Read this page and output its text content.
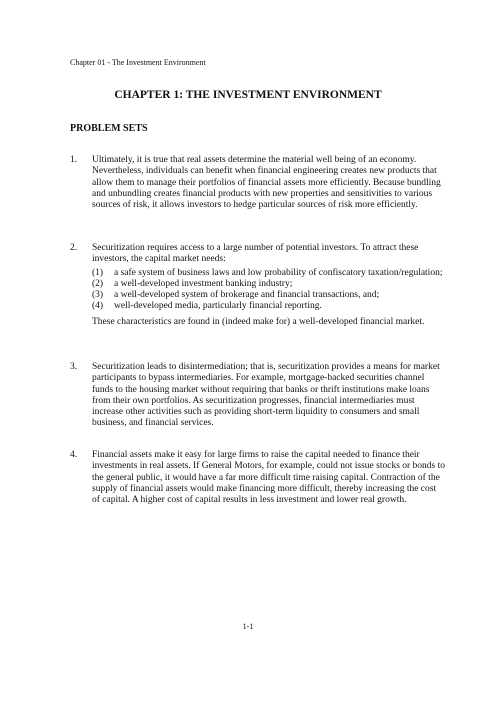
Chapter 01 - The Investment Environment
CHAPTER 1: THE INVESTMENT ENVIRONMENT
PROBLEM SETS
1. Ultimately, it is true that real assets determine the material well being of an economy. Nevertheless, individuals can benefit when financial engineering creates new products that allow them to manage their portfolios of financial assets more efficiently. Because bundling and unbundling creates financial products with new properties and sensitivities to various sources of risk, it allows investors to hedge particular sources of risk more efficiently.

2. Securitization requires access to a large number of potential investors. To attract these investors, the capital market needs:

(1) a safe system of business laws and low probability of confiscatory taxation/regulation;
(2) a well-developed investment banking industry;
(3) a well-developed system of brokerage and financial transactions, and;
(4) well-developed media, particularly financial reporting.

These characteristics are found in (indeed make for) a well-developed financial market.

3. Securitization leads to disintermediation; that is, securitization provides a means for market participants to bypass intermediaries. For example, mortgage-backed securities channel funds to the housing market without requiring that banks or thrift institutions make loans from their own portfolios. As securitization progresses, financial intermediaries must increase other activities such as providing short-term liquidity to consumers and small business, and financial services.

4. Financial assets make it easy for large firms to raise the capital needed to finance their investments in real assets. If General Motors, for example, could not issue stocks or bonds to the general public, it would have a far more difficult time raising capital. Contraction of the supply of financial assets would make financing more difficult, thereby increasing the cost of capital. A higher cost of capital results in less investment and lower real growth.

1-1
